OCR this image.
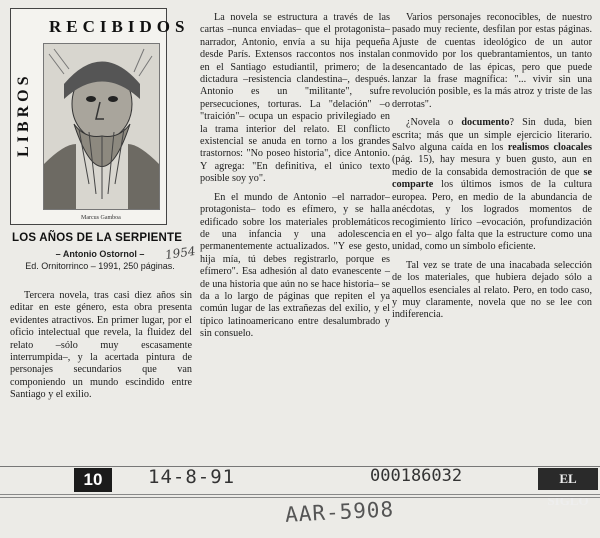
RECIBIDOS
LIBROS
Marcus Gamboa
LOS AÑOS DE LA SERPIENTE
1954
– Antonio Ostornol –
Ed. Ornitorrinco – 1991, 250 páginas.

Tercera novela, tras casi diez años sin editar en este género, esta obra presenta evidentes atractivos. En primer lugar, por el oficio intelectual que revela, la fluidez del relato –sólo muy escasamente interrumpida–, y la acertada pintura de personajes secundarios que van componiendo un mundo escindido entre Santiago y el exilio.

La novela se estructura a través de las cartas –nunca enviadas– que el protagonista–narrador, Antonio, envía a su hija pequeña desde París. Extensos raccontos nos instalan en el Santiago estudiantil, primero; de la dictadura –resistencia clandestina–, después. Antonio es un "militante", sufre persecuciones, torturas. La "delación" –o "traición"– ocupa un espacio privilegiado en la trama interior del relato. El conflicto existencial se anuda en torno a los grandes trastornos: "No poseo historia", dice Antonio. Y agrega: "En definitiva, el único texto posible soy yo".

En el mundo de Antonio –el narrador–protagonista– todo es efímero, y se halla edificado sobre los materiales problemáticos de una infancia y una adolescencia permanentemente actualizados. "Y ese gesto, hija mía, tú debes registrarlo, porque es efímero". Esa adhesión al dato evanescente –de una historia que aún no se hace historia– se da a lo largo de páginas que repiten el ya común lugar de las extrañezas del exilio, y el típico latinoamericano entre desalumbrado y sin consuelo.

Varios personajes reconocibles, de nuestro pasado muy reciente, desfilan por estas páginas. Ajuste de cuentas ideológico de un autor conmovido por los quebrantamientos, un tanto desencantado de las épicas, pero que puede lanzar la frase magnífica: "... vivir sin una revolución posible, es la más atroz y triste de las derrotas".

¿Novela o documento? Sin duda, bien escrita; más que un simple ejercicio literario. Salvo alguna caída en los realismos cloacales (pág. 15), hay mesura y buen gusto, aun en medio de la consabida demostración de que se comparte los últimos ismos de la cultura europea. Pero, en medio de la abundancia de anécdotas, y los logrados momentos de recogimiento lírico –evocación, profundización en el yo– algo falta que la estructure como una unidad, como un símbolo eficiente.

Tal vez se trate de una inacabada selección de los materiales, que hubiera dejado sólo a aquellos esenciales al relato. Pero, en todo caso, y muy claramente, novela que no se lee con indiferencia.

10	14-8-91	000186032	EL SIGLO
AAR-5908
